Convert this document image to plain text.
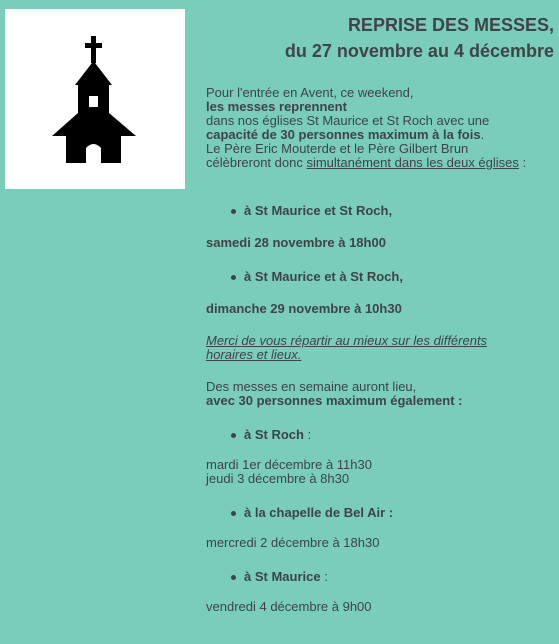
REPRISE DES MESSES,
du 27 novembre au 4 décembre

Pour l'entrée en Avent, ce weekend,

les messes reprennent

dans nos églises St Maurice et St Roch avec une

capacité de 30 personnes maximum à la fois.

Le Père Eric Mouterde et le Père Gilbert Brun

célèbreront donc simultanément dans les deux églises :

à St Maurice et St Roch,

samedi 28 novembre à 18h00

à St Maurice et à St Roch,

dimanche 29 novembre à 10h30

Merci de vous répartir au mieux sur les différents

horaires et lieux.

Des messes en semaine auront lieu,

avec 30 personnes maximum également :

à St Roch :

mardi 1er décembre à 11h30

jeudi 3 décembre à 8h30

à la chapelle de Bel Air :

mercredi 2 décembre à 18h30

à St Maurice :

vendredi 4 décembre à 9h00
